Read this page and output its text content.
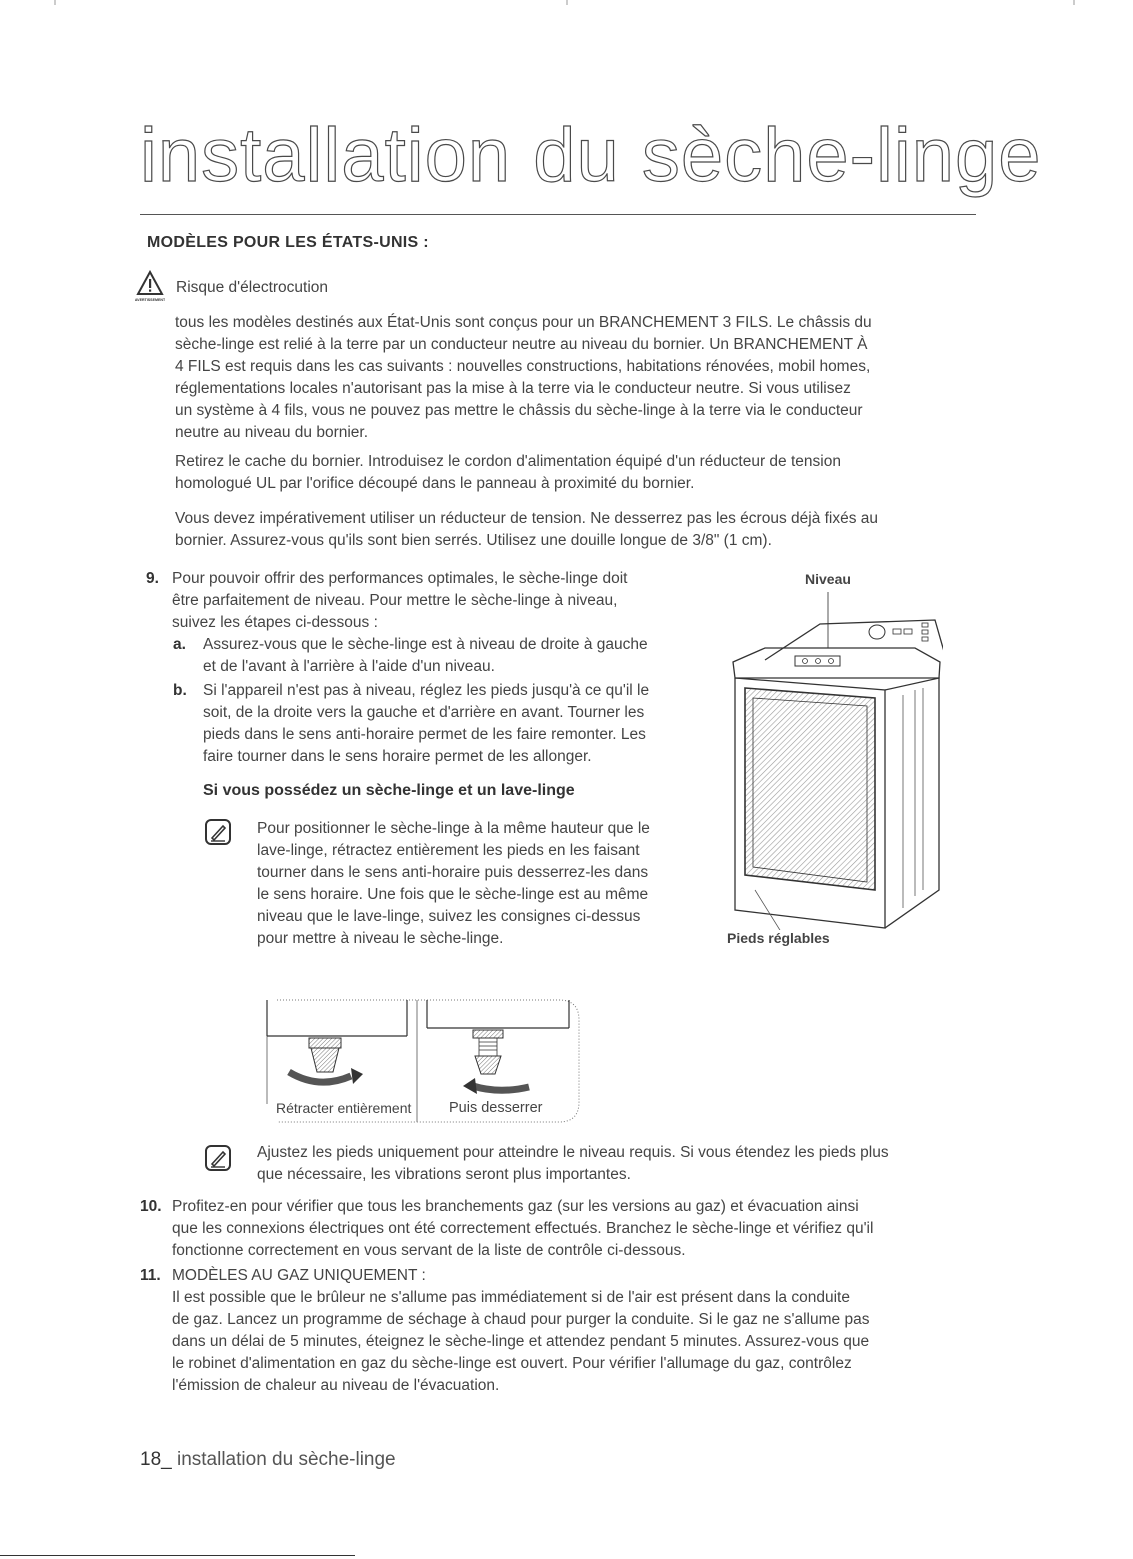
installation du sèche-linge
MODÈLES POUR LES ÉTATS-UNIS :
AVERTISSEMENT
Risque d'électrocution
tous les modèles destinés aux État-Unis sont conçus pour un BRANCHEMENT 3 FILS. Le châssis du
sèche-linge est relié à la terre par un conducteur neutre au niveau du bornier. Un BRANCHEMENT À
4 FILS est requis dans les cas suivants : nouvelles constructions, habitations rénovées, mobil homes,
réglementations locales n'autorisant pas la mise à la terre via le conducteur neutre. Si vous utilisez
un système à 4 fils, vous ne pouvez pas mettre le châssis du sèche-linge à la terre via le conducteur
neutre au niveau du bornier.
Retirez le cache du bornier. Introduisez le cordon d'alimentation équipé d'un réducteur de tension
homologué UL par l'orifice découpé dans le panneau à proximité du bornier.
Vous devez impérativement utiliser un réducteur de tension. Ne desserrez pas les écrous déjà fixés au
bornier. Assurez-vous qu'ils sont bien serrés. Utilisez une douille longue de 3/8" (1 cm).
9. Pour pouvoir offrir des performances optimales, le sèche-linge doit
être parfaitement de niveau. Pour mettre le sèche-linge à niveau,
suivez les étapes ci-dessous :
a. Assurez-vous que le sèche-linge est à niveau de droite à gauche
et de l'avant à l'arrière à l'aide d'un niveau.
b. Si l'appareil n'est pas à niveau, réglez les pieds jusqu'à ce qu'il le
soit, de la droite vers la gauche et d'arrière en avant. Tourner les
pieds dans le sens anti-horaire permet de les faire remonter. Les
faire tourner dans le sens horaire permet de les allonger.
Si vous possédez un sèche-linge et un lave-linge
Pour positionner le sèche-linge à la même hauteur que le
lave-linge, rétractez entièrement les pieds en les faisant
tourner dans le sens anti-horaire puis desserrez-les dans
le sens horaire. Une fois que le sèche-linge est au même
niveau que le lave-linge, suivez les consignes ci-dessus
pour mettre à niveau le sèche-linge.
Niveau
Pieds réglables
Rétracter entièrement	Puis desserrer
Ajustez les pieds uniquement pour atteindre le niveau requis. Si vous étendez les pieds plus
que nécessaire, les vibrations seront plus importantes.
10. Profitez-en pour vérifier que tous les branchements gaz (sur les versions au gaz) et évacuation ainsi
que les connexions électriques ont été correctement effectués. Branchez le sèche-linge et vérifiez qu'il
fonctionne correctement en vous servant de la liste de contrôle ci-dessous.
11. MODÈLES AU GAZ UNIQUEMENT :
Il est possible que le brûleur ne s'allume pas immédiatement si de l'air est présent dans la conduite
de gaz. Lancez un programme de séchage à chaud pour purger la conduite. Si le gaz ne s'allume pas
dans un délai de 5 minutes, éteignez le sèche-linge et attendez pendant 5 minutes. Assurez-vous que
le robinet d'alimentation en gaz du sèche-linge est ouvert. Pour vérifier l'allumage du gaz, contrôlez
l'émission de chaleur au niveau de l'évacuation.
18_ installation du sèche-linge
